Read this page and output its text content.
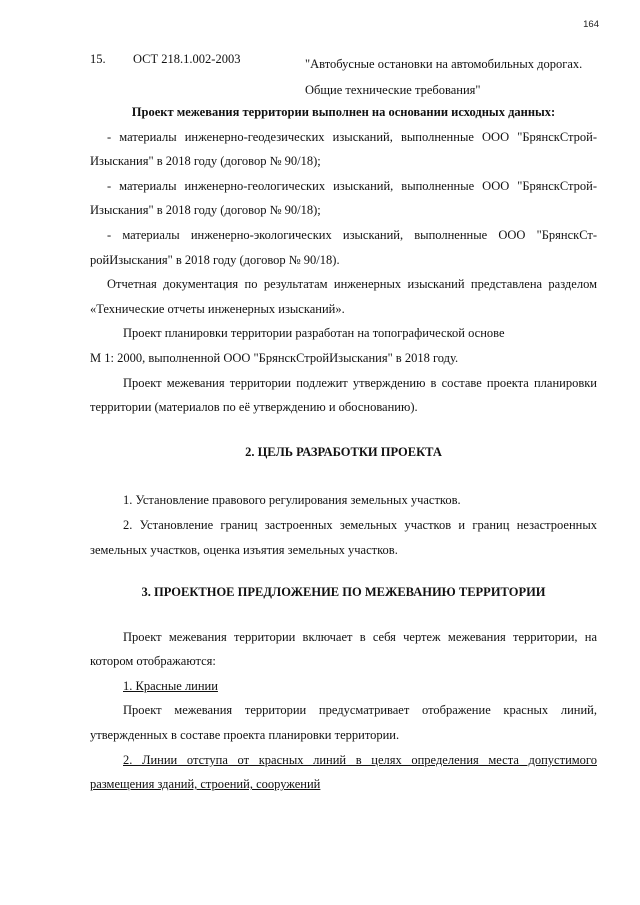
164
15. ОСТ 218.1.002-2003	"Автобусные остановки на автомобильных дорогах.
Общие технические требования"

Проект межевания территории выполнен на основании исходных данных:

- материалы инженерно-геодезических изысканий, выполненные ООО "БрянскСтрой-Изыскания" в 2018 году (договор № 90/18);

- материалы инженерно-геологических изысканий, выполненные ООО "БрянскСтрой-Изыскания" в 2018 году (договор № 90/18);

- материалы инженерно-экологических изысканий, выполненные ООО "БрянскСт-ройИзыскания" в 2018 году (договор № 90/18).

Отчетная документация по результатам инженерных изысканий представлена разделом «Технические отчеты инженерных изысканий».

Проект планировки территории разработан на топографической основе

М 1: 2000, выполненной ООО "БрянскСтройИзыскания" в 2018 году.

Проект межевания территории подлежит утверждению в составе проекта планировки территории (материалов по её утверждению и обоснованию).

2. ЦЕЛЬ РАЗРАБОТКИ ПРОЕКТА

1. Установление правового регулирования земельных участков.

2. Установление границ застроенных земельных участков и границ незастроенных земельных участков, оценка изъятия земельных участков.

3. ПРОЕКТНОЕ ПРЕДЛОЖЕНИЕ ПО МЕЖЕВАНИЮ ТЕРРИТОРИИ

Проект межевания территории включает в себя чертеж межевания территории, на котором отображаются:

1. Красные линии

Проект межевания территории предусматривает отображение красных линий, утвержденных в составе проекта планировки территории.

2. Линии отступа от красных линий в целях определения места допустимого размещения зданий, строений, сооружений
